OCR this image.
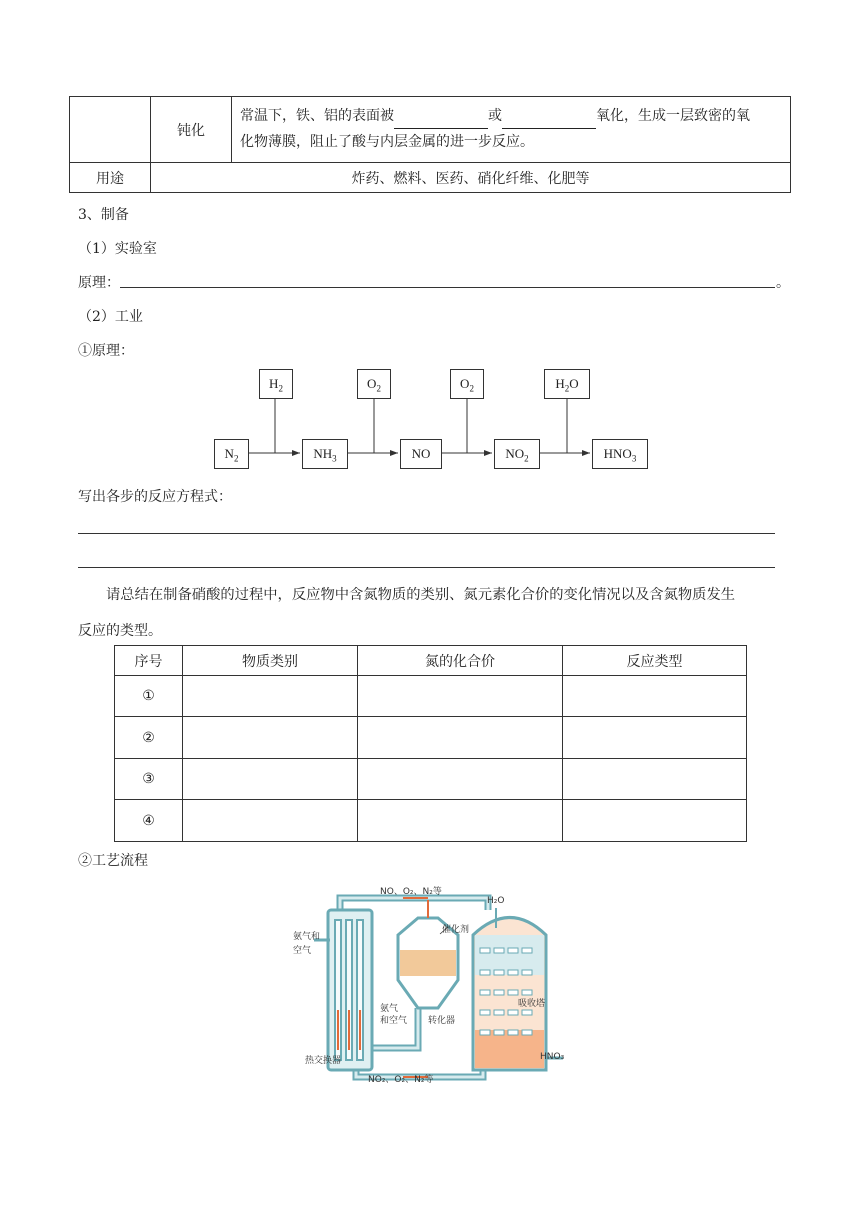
	钝化	常温下，铁、铝的表面被 或 氧化，生成一层致密的氧
化物薄膜，阻止了酸与内层金属的进一步反应。
用途	炸药、燃料、医药、硝化纤维、化肥等	
3、制备
（1）实验室
原理：	。
（2）工业
①原理：
$H_2$	$O_2$	$O_2$	$H_2O$
$N_2$	$NH_3$	NO	$NO_2$	$HNO_3$
写出各步的反应方程式：
请总结在制备硝酸的过程中，反应物中含氮物质的类别、氮元素化合价的变化情况以及含氮物质发生
反应的类型。
序号	物质类别	氮的化合价	反应类型
①			
②			
③			
④			
②工艺流程
NO、O₂、N₂等
H₂O
氨气和
空气
催化剂
吸收塔
氨气
和空气 转化器
热交换器
NO₂、O₂、N₂等
HNO₃
